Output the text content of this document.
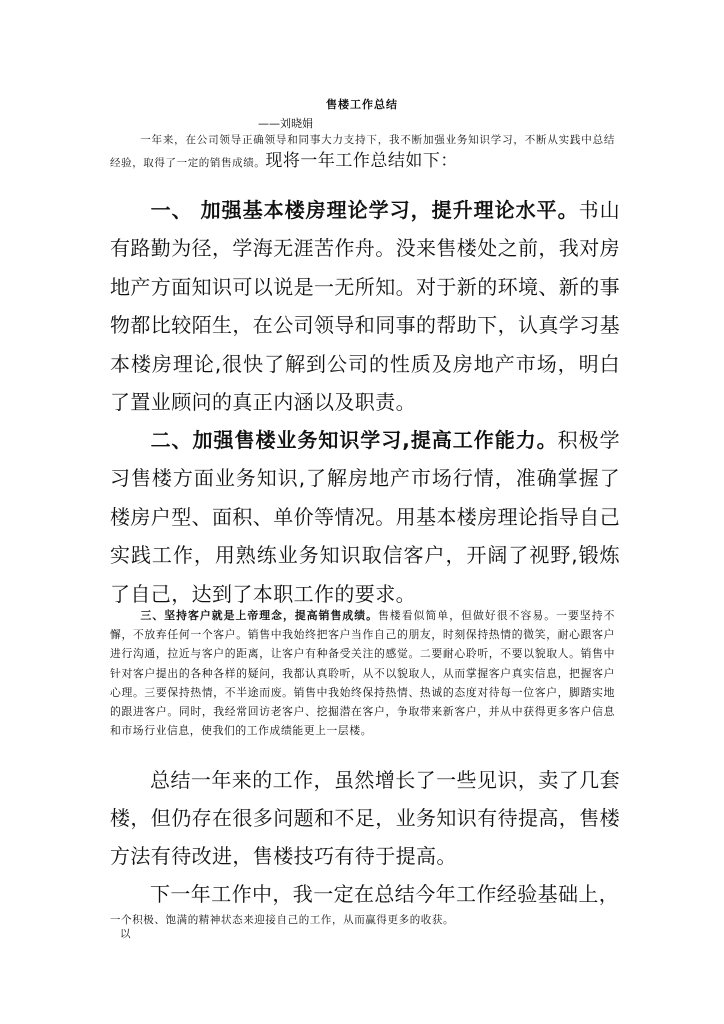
售楼工作总结
——刘晓娟

一年来，在公司领导正确领导和同事大力支持下，我不断加强业务知识学习，不断从实践中总结经验，取得了一定的销售成绩。现将一年工作总结如下：

一、 加强基本楼房理论学习，提升理论水平。书山有路勤为径，学海无涯苦作舟。没来售楼处之前，我对房地产方面知识可以说是一无所知。对于新的环境、新的事物都比较陌生，在公司领导和同事的帮助下，认真学习基本楼房理论,很快了解到公司的性质及房地产市场，明白了置业顾问的真正内涵以及职责。

二、加强售楼业务知识学习,提高工作能力。积极学习售楼方面业务知识,了解房地产市场行情，准确掌握了楼房户型、面积、单价等情况。用基本楼房理论指导自己实践工作，用熟练业务知识取信客户，开阔了视野,锻炼了自己，达到了本职工作的要求。

三、坚持客户就是上帝理念，提高销售成绩。售楼看似简单，但做好很不容易。一要坚持不懈，不放弃任何一个客户。销售中我始终把客户当作自己的朋友，时刻保持热情的微笑，耐心跟客户进行沟通，拉近与客户的距离，让客户有种备受关注的感觉。二要耐心聆听，不要以貌取人。销售中针对客户提出的各种各样的疑问，我都认真聆听，从不以貌取人，从而掌握客户真实信息，把握客户心理。三要保持热情，不半途而废。销售中我始终保持热情、热诚的态度对待每一位客户，脚踏实地的跟进客户。同时，我经常回访老客户、挖掘潜在客户，争取带来新客户，并从中获得更多客户信息和市场行业信息，使我们的工作成绩能更上一层楼。

总结一年来的工作，虽然增长了一些见识，卖了几套楼，但仍存在很多问题和不足，业务知识有待提高，售楼方法有待改进，售楼技巧有待于提高。

下一年工作中，我一定在总结今年工作经验基础上，以

一个积极、饱满的精神状态来迎接自己的工作，从而赢得更多的收获。
